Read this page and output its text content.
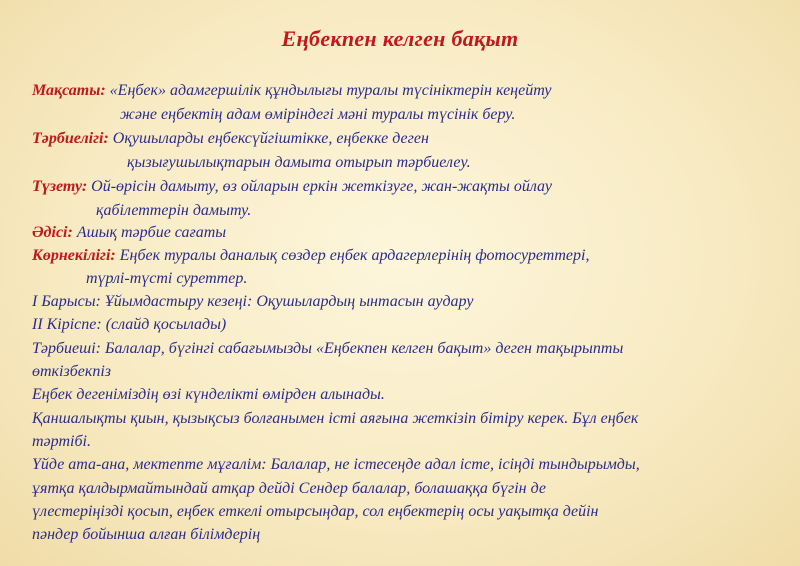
Еңбекпен келген бақыт
Мақсаты: «Еңбек» адамгершілік құндылығы туралы түсініктерін кеңейту
және еңбектің адам өміріндегі мәні туралы түсінік беру.
Тәрбиелігі: Оқушыларды еңбексүйгіштікке, еңбекке деген
қызығушылықтарын дамыта отырып тәрбиелеу.
Түзету: Ой-өрісін дамыту, өз ойларын еркін жеткізуге, жан-жақты ойлау
қабілеттерін дамыту.
Әдісі: Ашық тәрбие сағаты
Көрнекілігі: Еңбек туралы даналық сөздер еңбек ардагерлерінің фотосуреттері,
түрлі-түсті суреттер.
І Барысы: Ұйымдастыру кезеңі: Оқушылардың ынтасын аудару
ІІ Кіріспе: (слайд қосылады)
Тәрбиеші: Балалар, бүгінгі сабағымызды «Еңбекпен келген бақыт» деген тақырыпты
өткізбекпіз
Еңбек дегеніміздің өзі күнделікті өмірден алынады.
Қаншалықты қиын, қызықсыз болғанымен істі аяғына жеткізіп бітіру керек. Бұл еңбек
тәртібі.
Үйде ата-ана, мектепте мұғалім: Балалар, не істесеңде адал істе, ісіңді тындырымды,
ұятқа қалдырмайтындай атқар дейді Сендер балалар, болашаққа бүгін де
үлестеріңізді қосып, еңбек еткелі отырсыңдар, сол еңбектерің осы уақытқа дейін
пәндер бойынша алған білімдерің
